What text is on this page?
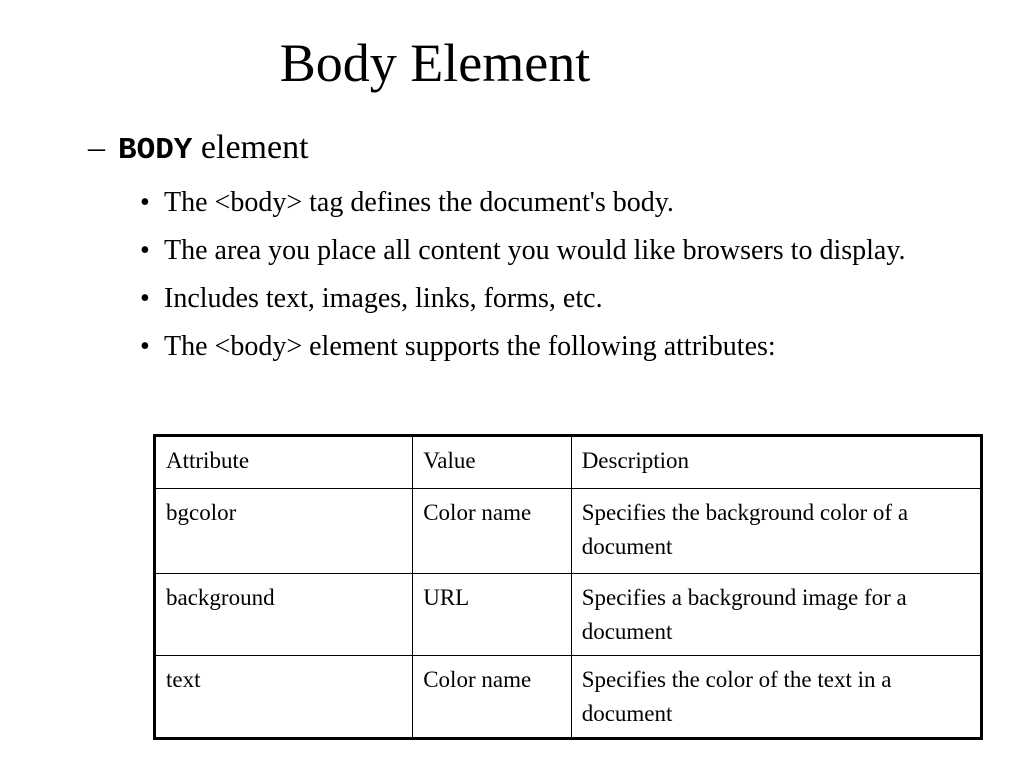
Body Element
– BODY element
• The <body> tag defines the document's body.
• The area you place all content you would like browsers to display.
• Includes text, images, links, forms, etc.
• The <body> element supports the following attributes:
Attribute	Value	Description
bgcolor	Color name	Specifies the background color of a document
background	URL	Specifies a background image for a document
text	Color name	Specifies the color of the text in a document
